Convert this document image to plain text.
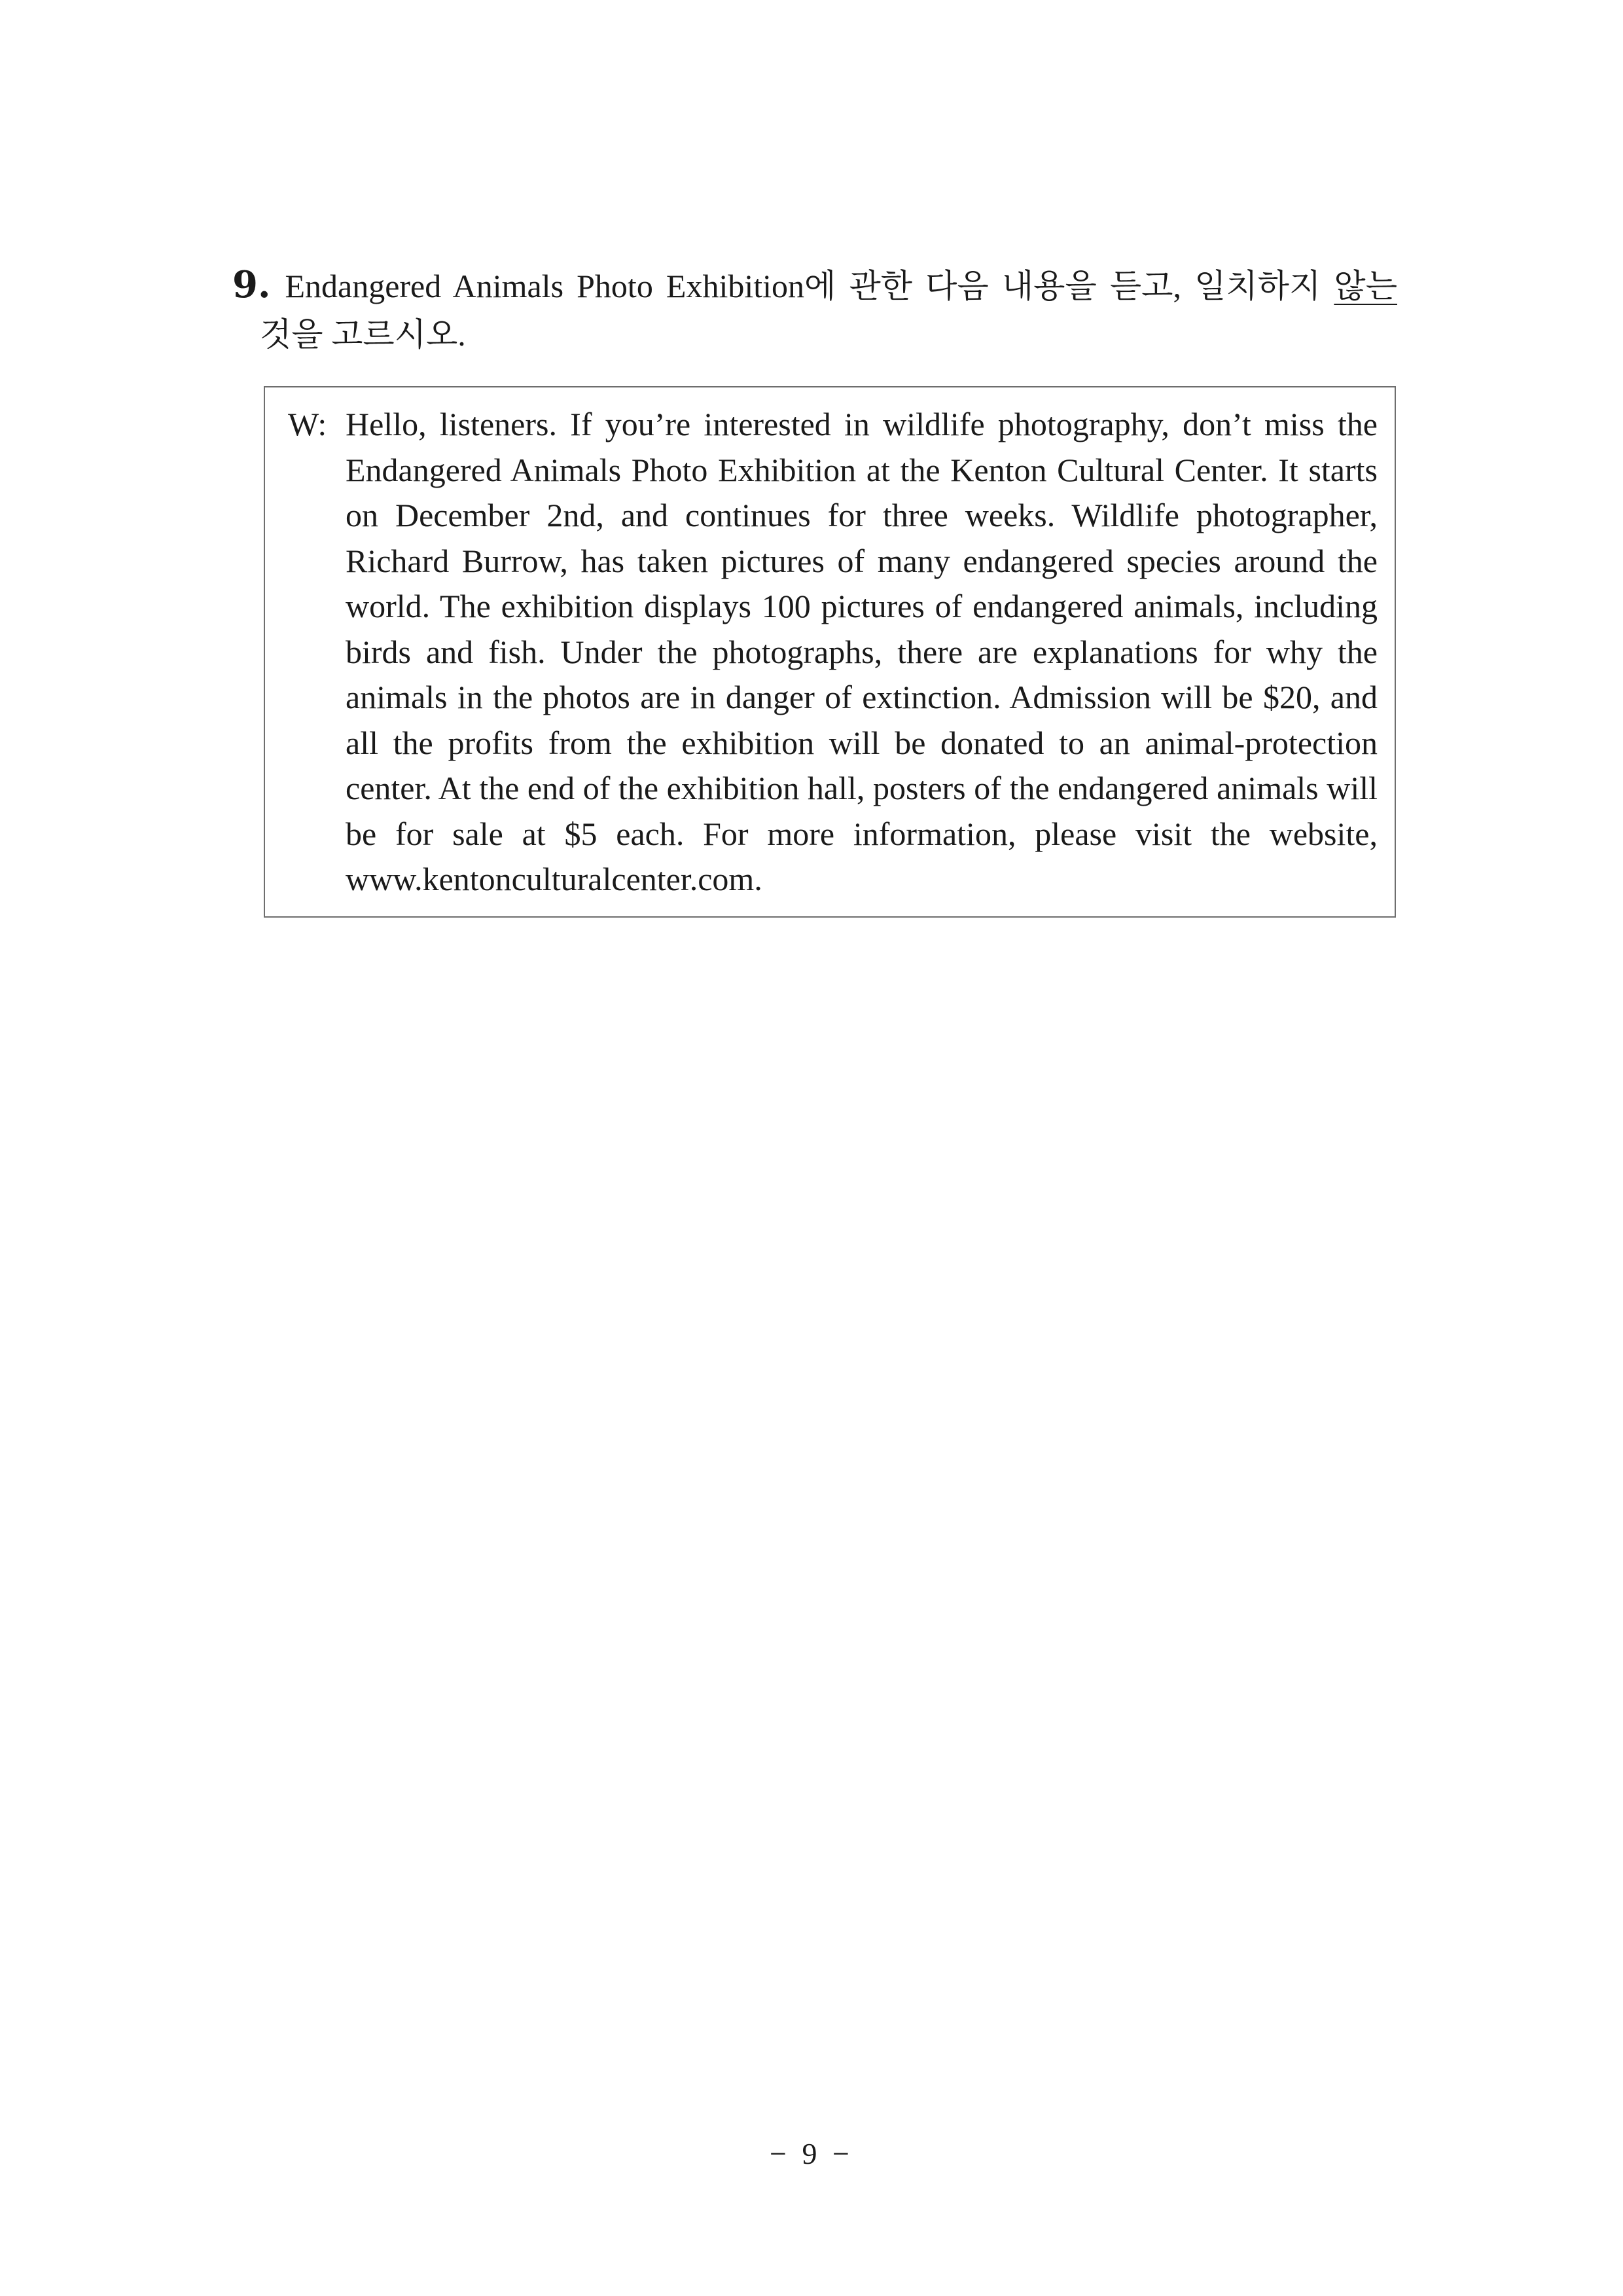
9. Endangered Animals Photo Exhibition에 관한 다음 내용을 듣고, 일치하지 않는
것을 고르시오.
W: Hello, listeners. If you’re interested in wildlife photography, don’t miss the Endangered Animals Photo Exhibition at the Kenton Cultural Center. It starts on December 2nd, and continues for three weeks. Wildlife photographer, Richard Burrow, has taken pictures of many endangered species around the world. The exhibition displays 100 pictures of endangered animals, including birds and fish. Under the photographs, there are explanations for why the animals in the photos are in danger of extinction. Admission will be $20, and all the profits from the exhibition will be donated to an animal-protection center. At the end of the exhibition hall, posters of the endangered animals will be for sale at $5 each. For more information, please visit the website, www.kentonculturalcenter.com.
− 9 −
